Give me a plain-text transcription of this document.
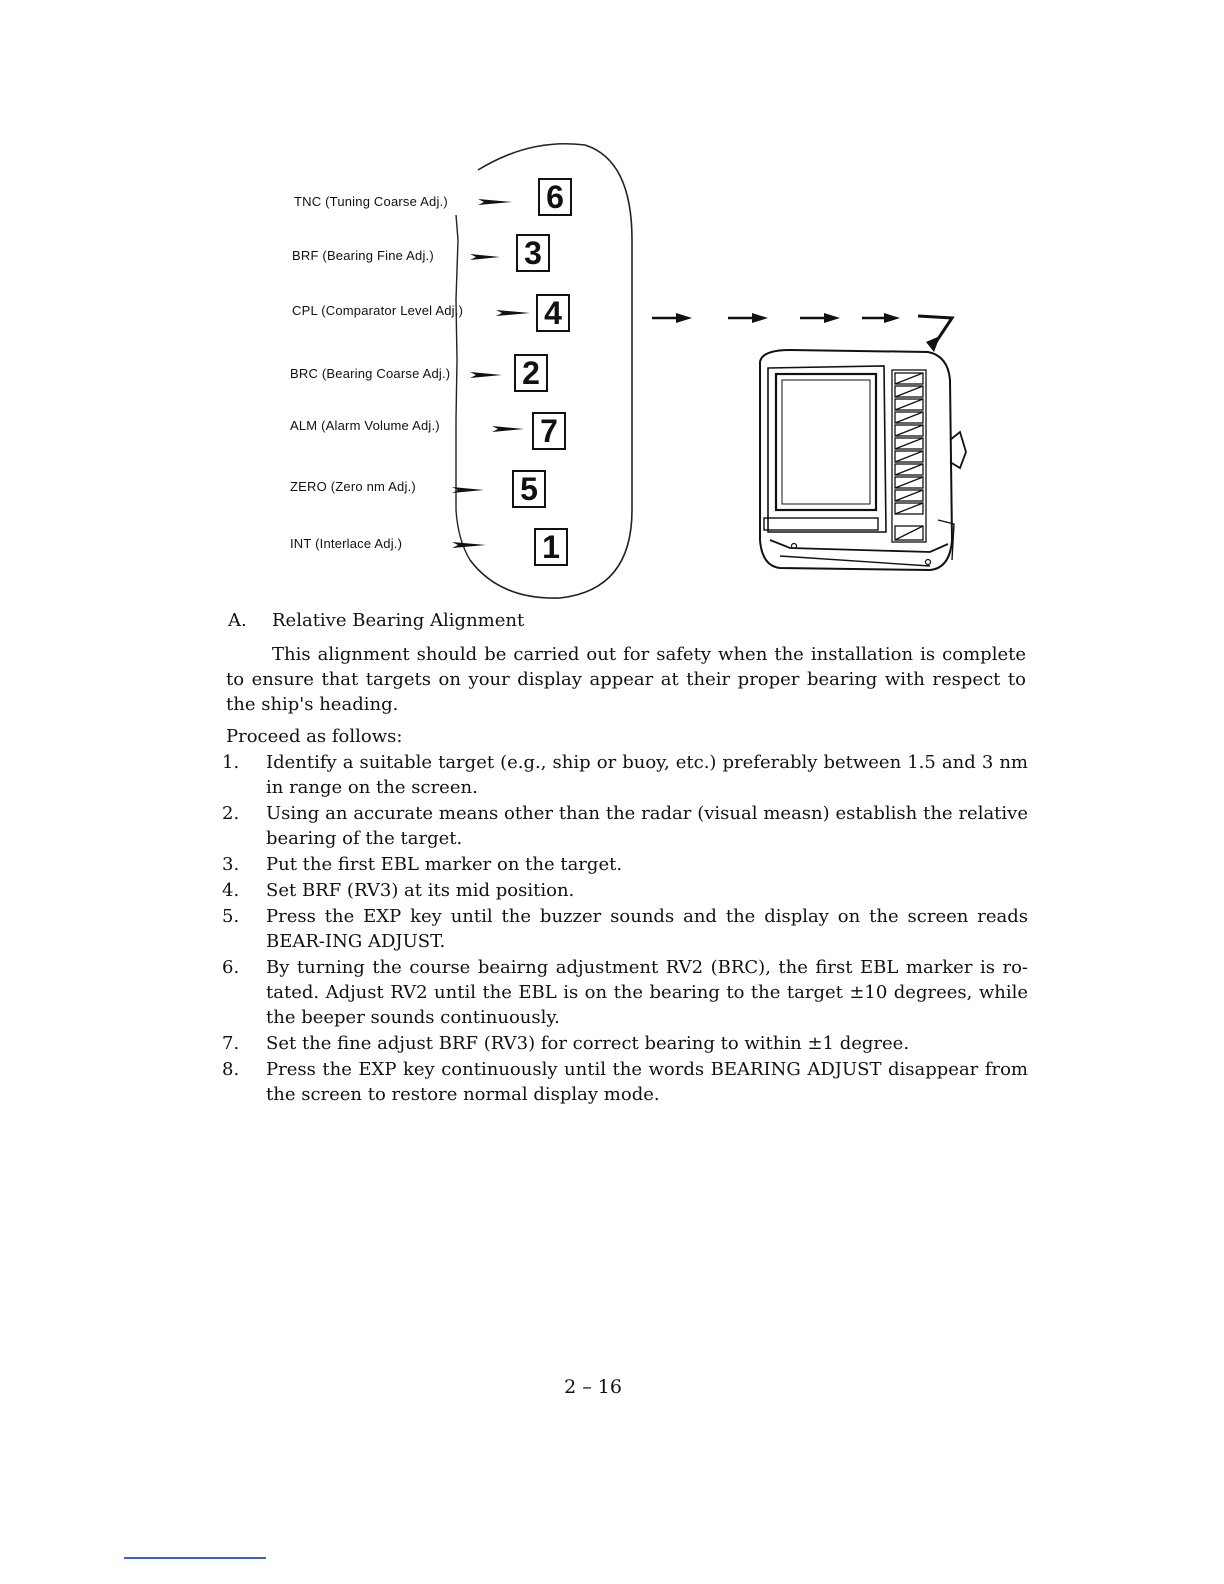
TNC (Tuning Coarse Adj.)
BRF (Bearing Fine Adj.)
CPL (Comparator Level Adj.)
BRC (Bearing Coarse Adj.)
ALM (Alarm Volume Adj.)
ZERO (Zero nm Adj.)
INT (Interlace Adj.)
6
3
4
2
7
5
1
A. Relative Bearing Alignment
This alignment should be carried out for safety when the installation is complete to ensure that targets on your display appear at their proper bearing with respect to the ship's heading.
Proceed as follows:
1. Identify a suitable target (e.g., ship or buoy, etc.) preferably between 1.5 and 3 nm in range on the screen.
2. Using an accurate means other than the radar (visual measn) establish the relative bearing of the target.
3. Put the first EBL marker on the target.
4. Set BRF (RV3) at its mid position.
5. Press the EXP key until the buzzer sounds and the display on the screen reads BEAR-ING ADJUST.
6. By turning the course beairng adjustment RV2 (BRC), the first EBL marker is ro-tated. Adjust RV2 until the EBL is on the bearing to the target ±10 degrees, while the beeper sounds continuously.
7. Set the fine adjust BRF (RV3) for correct bearing to within ±1 degree.
8. Press the EXP key continuously until the words BEARING ADJUST disappear from the screen to restore normal display mode.
2 – 16
